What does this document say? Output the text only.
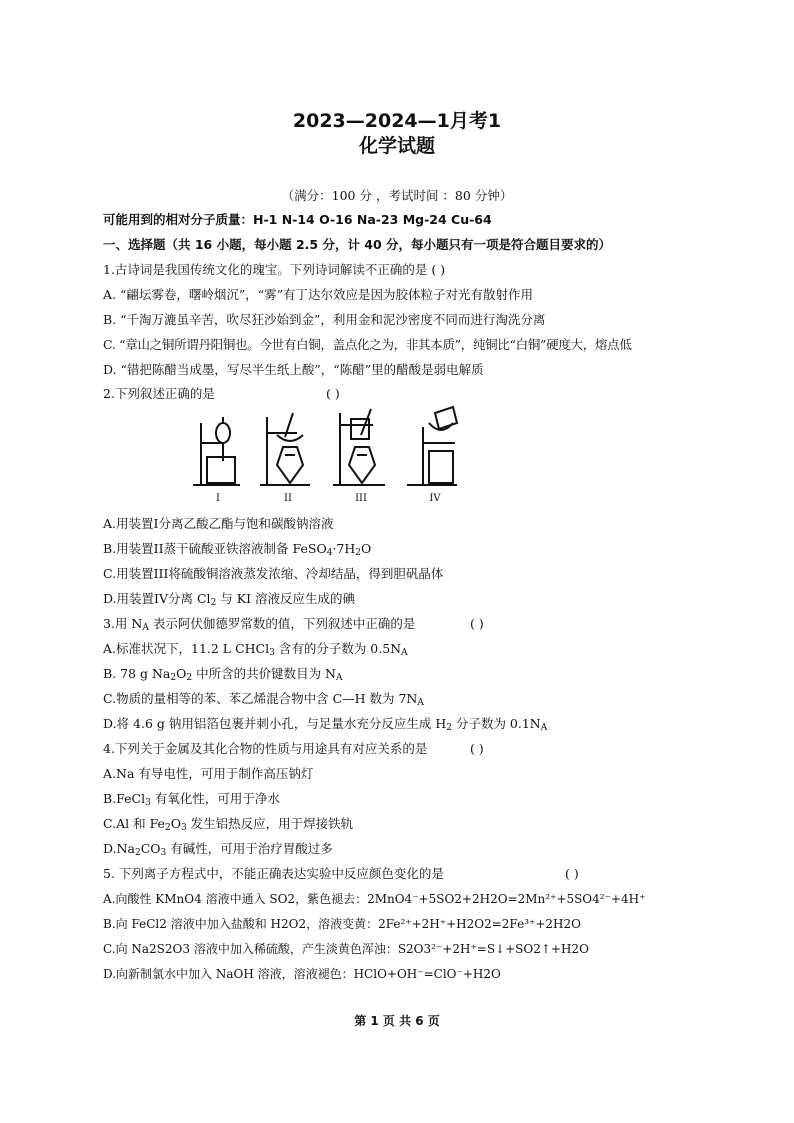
2023—2024—1月考1
化学试题
（满分：100 分 ，考试时间 ：80 分钟）
可能用到的相对分子质量：H-1 N-14 O-16 Na-23 Mg-24 Cu-64
一、选择题（共 16 小题，每小题 2.5 分，计 40 分，每小题只有一项是符合题目要求的）
1.古诗词是我国传统文化的瑰宝。下列诗词解读不正确的是 ( )
A. “翩坛雾卷，曙岭烟沉”，“雾”有丁达尔效应是因为胶体粒子对光有散射作用
B. “千淘万漉虽辛苦，吹尽狂沙始到金”，利用金和泥沙密度不同而进行淘洗分离
C. “章山之铜所谓丹阳铜也。今世有白铜，盖点化之为，非其本质”，纯铜比“白铜”硬度大，熔点低
D. “错把陈醋当成墨，写尽半生纸上酸”，“陈醋”里的醋酸是弱电解质
2.下列叙述正确的是	( )
I	II	III	IV
A.用装置I分离乙酸乙酯与饱和碳酸钠溶液
B.用装置II蒸干硫酸亚铁溶液制备 $FeSO_4\cdot 7H_2O$
C.用装置III将硫酸铜溶液蒸发浓缩、冷却结晶，得到胆矾晶体
D.用装置IV分离 $Cl_2$ 与 KI 溶液反应生成的碘
3.用 $N_A$ 表示阿伏伽德罗常数的值，下列叙述中正确的是	( )
A.标准状况下，11.2 L CHCl$_3$ 含有的分子数为 $0.5N_A$
B. 78 g $Na_2O_2$ 中所含的共价键数目为 $N_A$
C.物质的量相等的苯、苯乙烯混合物中含 C—H 数为 $7N_A$
D.将 4.6 g 钠用铝箔包裹并刺小孔，与足量水充分反应生成 $H_2$ 分子数为 $0.1N_A$
4.下列关于金属及其化合物的性质与用途具有对应关系的是	( )
A.Na 有导电性，可用于制作高压钠灯
B.FeCl$_3$ 有氧化性，可用于净水
C.Al 和 $Fe_2O_3$ 发生铝热反应，用于焊接铁轨
$D.Na_2CO_3$ 有碱性，可用于治疗胃酸过多
5. 下列离子方程式中，不能正确表达实验中反应颜色变化的是	( )
A.向酸性 KMnO4 溶液中通入 SO2，紫色褪去：2MnO4⁻+5SO2+2H2O=2Mn²⁺+5SO4²⁻+4H⁺
B.向 FeCl2 溶液中加入盐酸和 H2O2，溶液变黄：2Fe²⁺+2H⁺+H2O2=2Fe³⁺+2H2O
C.向 Na2S2O3 溶液中加入稀硫酸，产生淡黄色浑浊：S2O3²⁻+2H⁺=S↓+SO2↑+H2O
D.向新制氯水中加入 NaOH 溶液，溶液褪色：HClO+OH⁻=ClO⁻+H2O
第 1 页 共 6 页
